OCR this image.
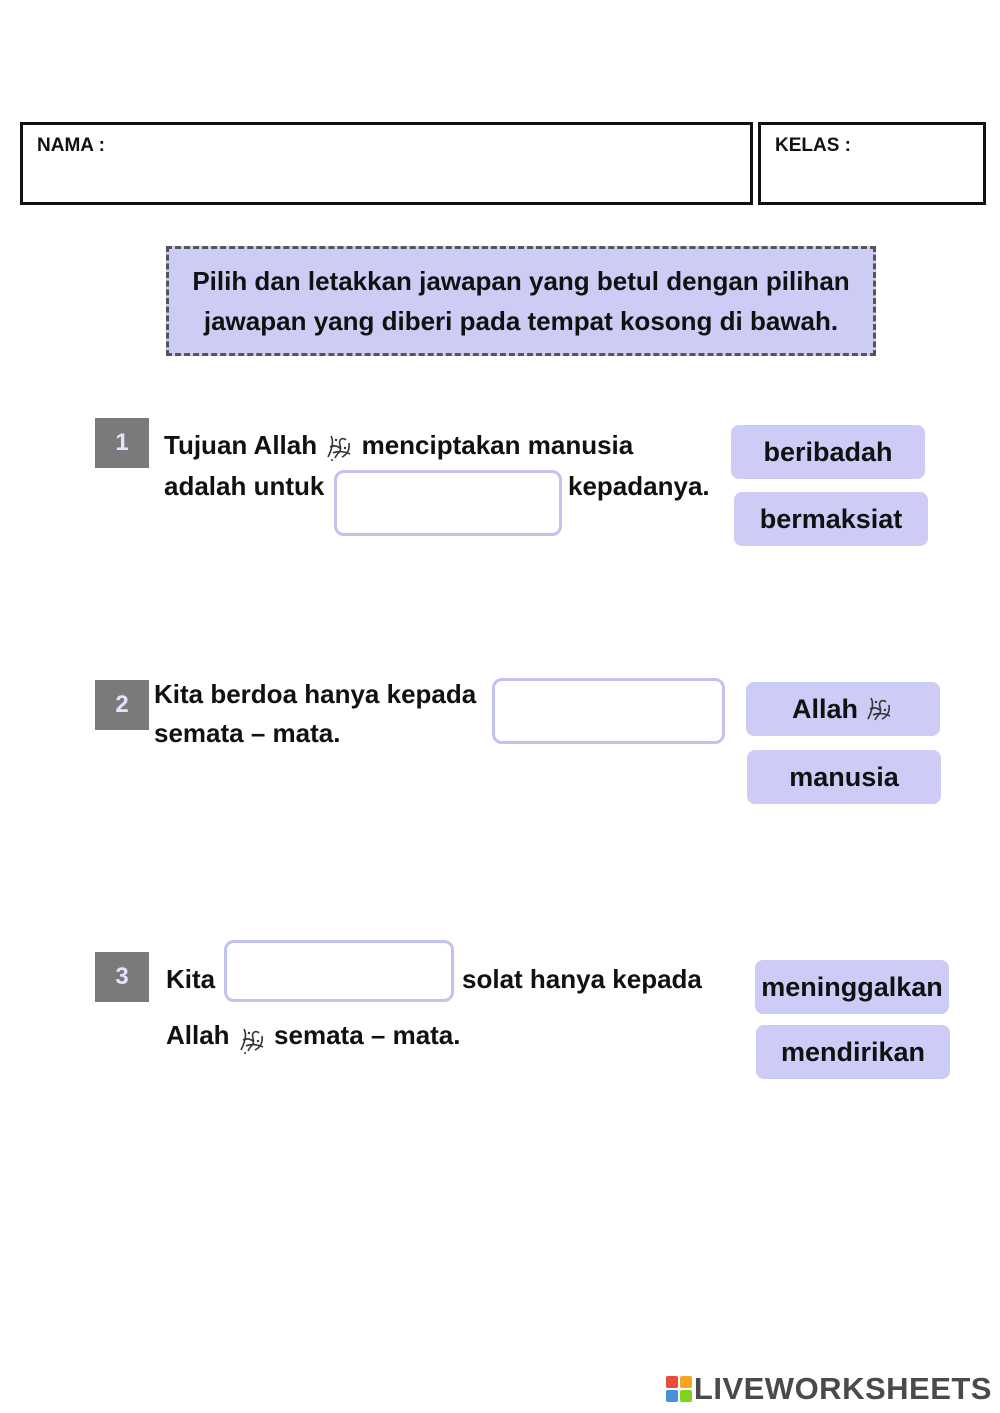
NAMA :	KELAS :
Pilih dan letakkan jawapan yang betul dengan pilihan
jawapan yang diberi pada tempat kosong di bawah.
1	Tujuan Allah menciptakan manusia
adalah untuk	kepadanya.
beribadah
bermaksiat
2 Kita berdoa hanya kepada
semata – mata.
Allah
manusia
3	Kita	solat hanya kepada
Allah semata – mata.
meninggalkan
mendirikan
LIVEWORKSHEETS
